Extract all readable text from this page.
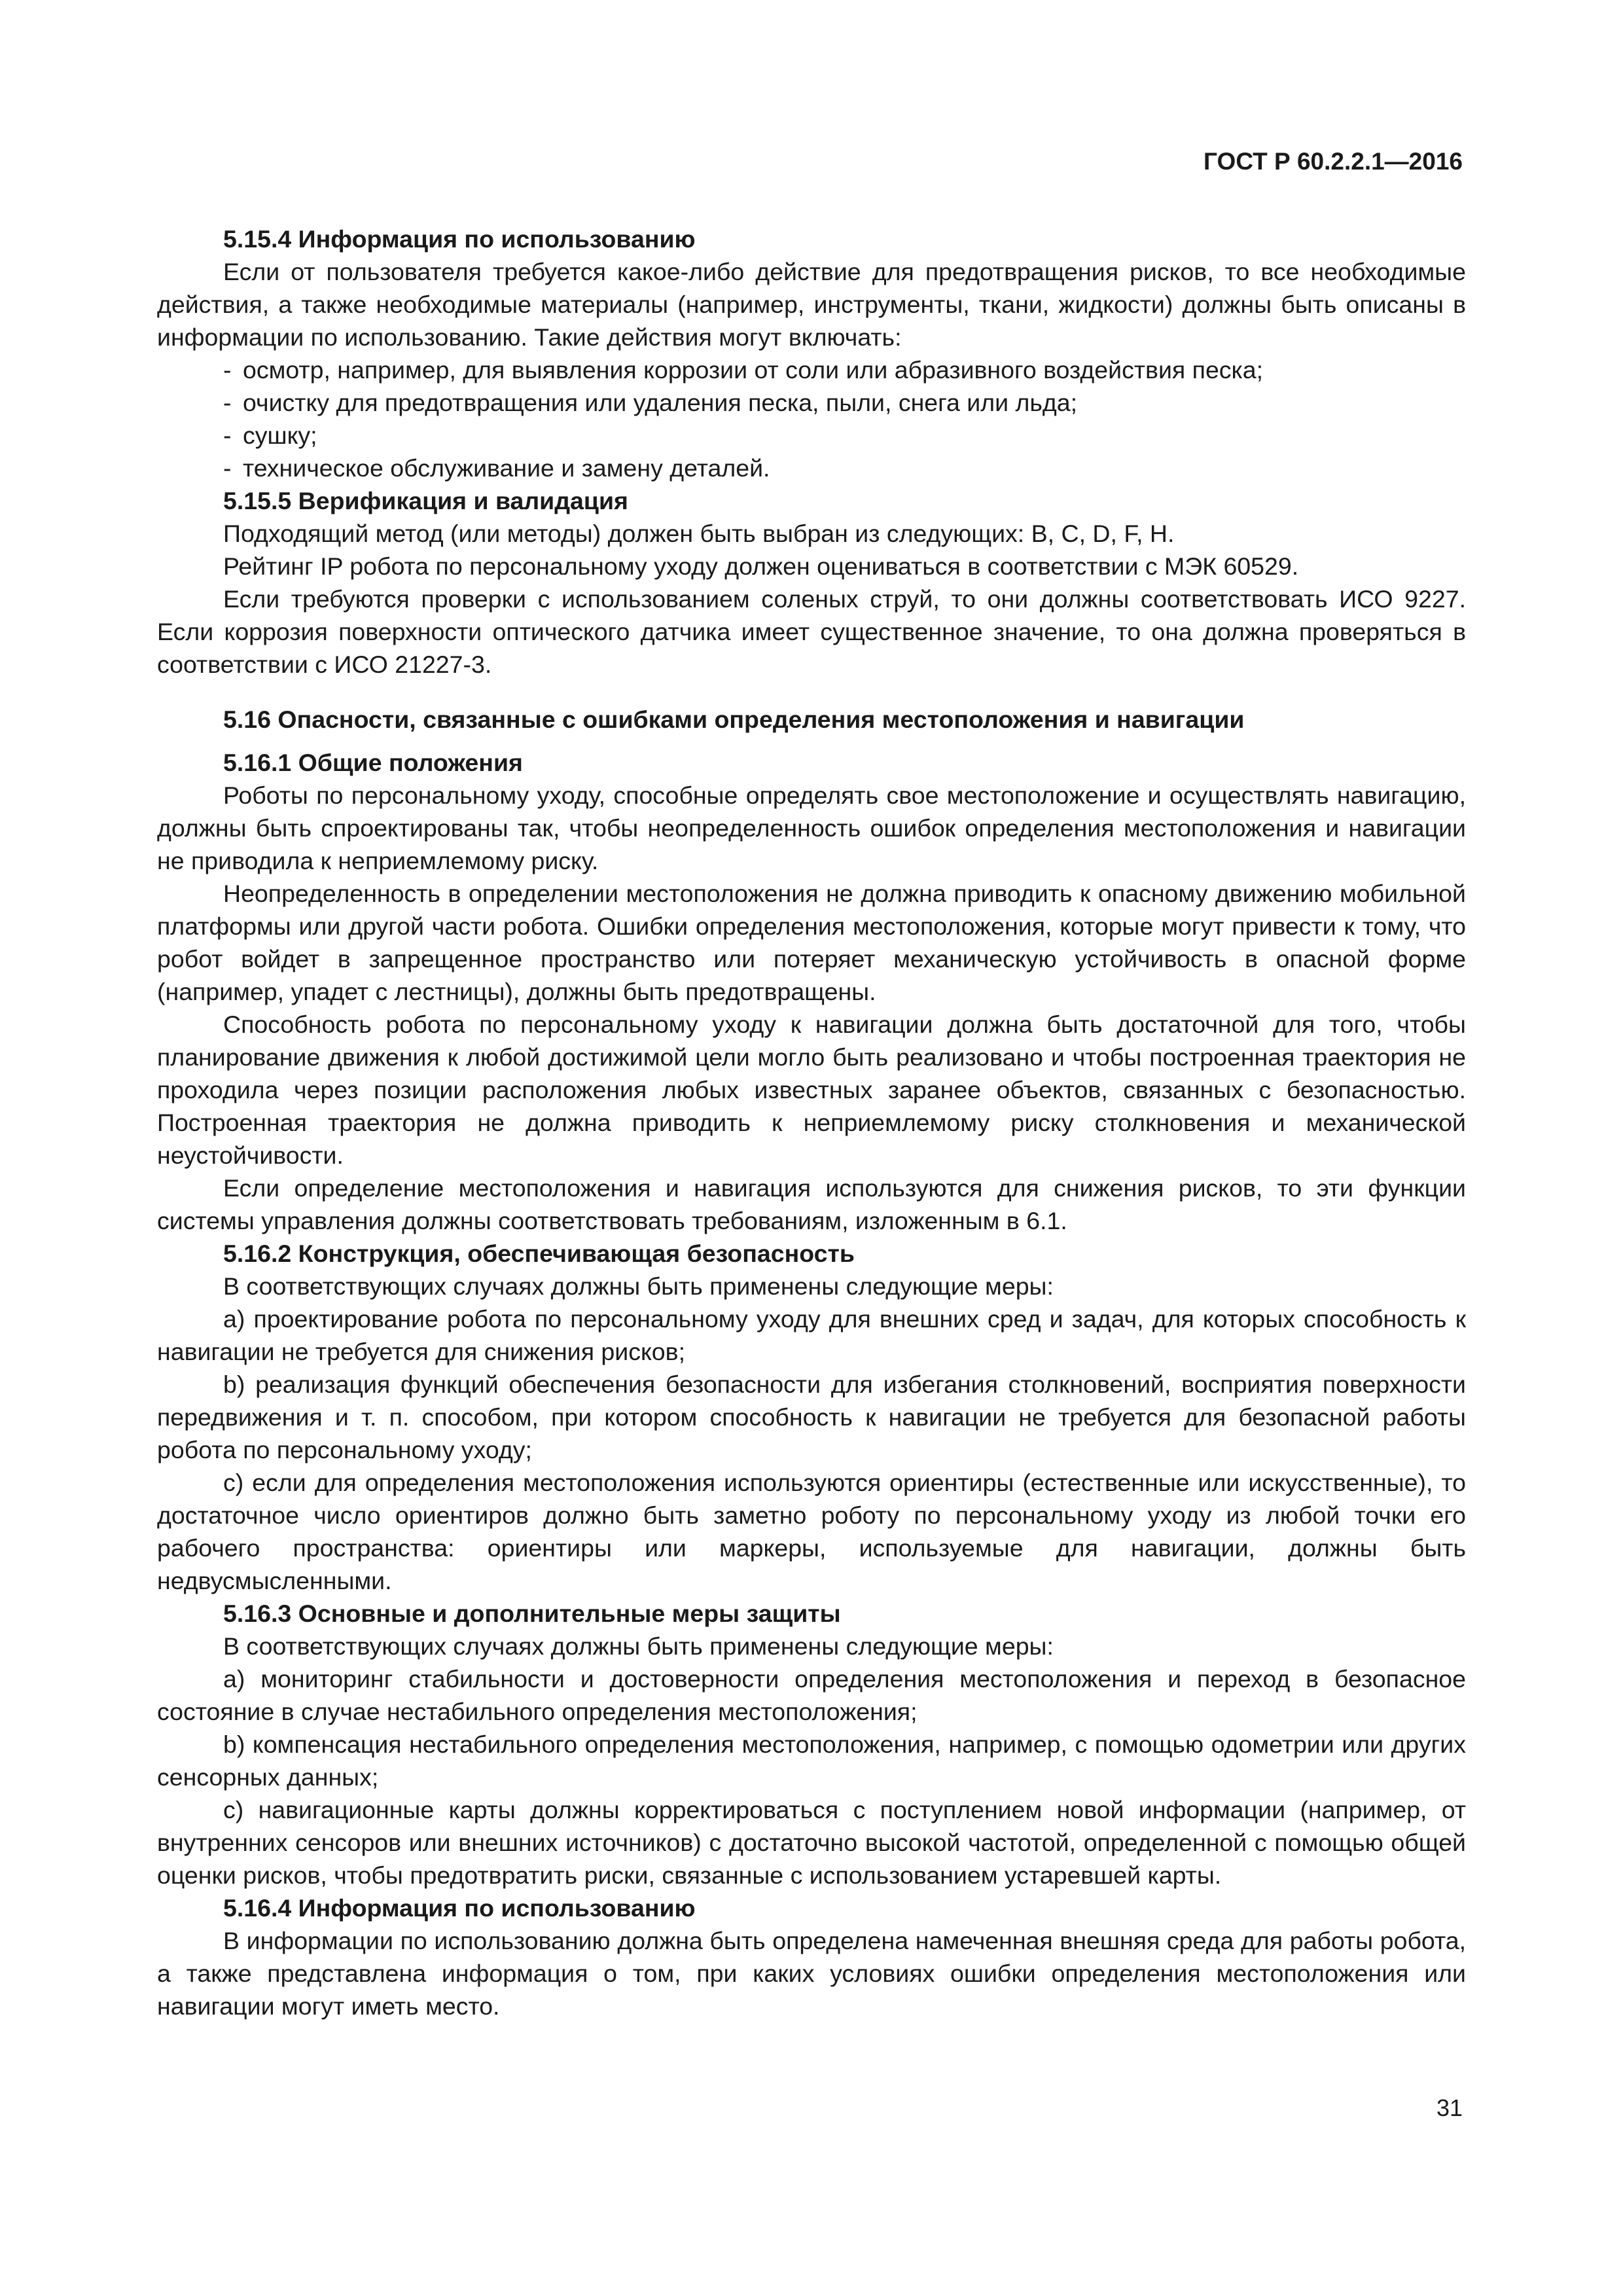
ГОСТ Р 60.2.2.1—2016
5.15.4 Информация по использованию

Если от пользователя требуется какое-либо действие для предотвращения рисков, то все необходимые действия, а также необходимые материалы (например, инструменты, ткани, жидкости) должны быть описаны в информации по использованию. Такие действия могут включать:

- осмотр, например, для выявления коррозии от соли или абразивного воздействия песка;
- очистку для предотвращения или удаления песка, пыли, снега или льда;
- сушку;
- техническое обслуживание и замену деталей.
5.15.5 Верификация и валидация

Подходящий метод (или методы) должен быть выбран из следующих: B, C, D, F, H.

Рейтинг IP робота по персональному уходу должен оцениваться в соответствии с МЭК 60529.

Если требуются проверки с использованием соленых струй, то они должны соответствовать ИСО 9227. Если коррозия поверхности оптического датчика имеет существенное значение, то она должна проверяться в соответствии с ИСО 21227-3.

5.16 Опасности, связанные с ошибками определения местоположения и навигации
5.16.1 Общие положения

Роботы по персональному уходу, способные определять свое местоположение и осуществлять навигацию, должны быть спроектированы так, чтобы неопределенность ошибок определения местоположения и навигации не приводила к неприемлемому риску.

Неопределенность в определении местоположения не должна приводить к опасному движению мобильной платформы или другой части робота. Ошибки определения местоположения, которые могут привести к тому, что робот войдет в запрещенное пространство или потеряет механическую устойчивость в опасной форме (например, упадет с лестницы), должны быть предотвращены.

Способность робота по персональному уходу к навигации должна быть достаточной для того, чтобы планирование движения к любой достижимой цели могло быть реализовано и чтобы построенная траектория не проходила через позиции расположения любых известных заранее объектов, связанных с безопасностью. Построенная траектория не должна приводить к неприемлемому риску столкновения и механической неустойчивости.

Если определение местоположения и навигация используются для снижения рисков, то эти функции системы управления должны соответствовать требованиям, изложенным в 6.1.

5.16.2 Конструкция, обеспечивающая безопасность

В соответствующих случаях должны быть применены следующие меры:

a) проектирование робота по персональному уходу для внешних сред и задач, для которых способность к навигации не требуется для снижения рисков;

b) реализация функций обеспечения безопасности для избегания столкновений, восприятия поверхности передвижения и т. п. способом, при котором способность к навигации не требуется для безопасной работы робота по персональному уходу;

c) если для определения местоположения используются ориентиры (естественные или искусственные), то достаточное число ориентиров должно быть заметно роботу по персональному уходу из любой точки его рабочего пространства: ориентиры или маркеры, используемые для навигации, должны быть недвусмысленными.

5.16.3 Основные и дополнительные меры защиты

В соответствующих случаях должны быть применены следующие меры:

a) мониторинг стабильности и достоверности определения местоположения и переход в безопасное состояние в случае нестабильного определения местоположения;

b) компенсация нестабильного определения местоположения, например, с помощью одометрии или других сенсорных данных;

c) навигационные карты должны корректироваться с поступлением новой информации (например, от внутренних сенсоров или внешних источников) с достаточно высокой частотой, определенной с помощью общей оценки рисков, чтобы предотвратить риски, связанные с использованием устаревшей карты.

5.16.4 Информация по использованию

В информации по использованию должна быть определена намеченная внешняя среда для работы робота, а также представлена информация о том, при каких условиях ошибки определения местоположения или навигации могут иметь место.

31
